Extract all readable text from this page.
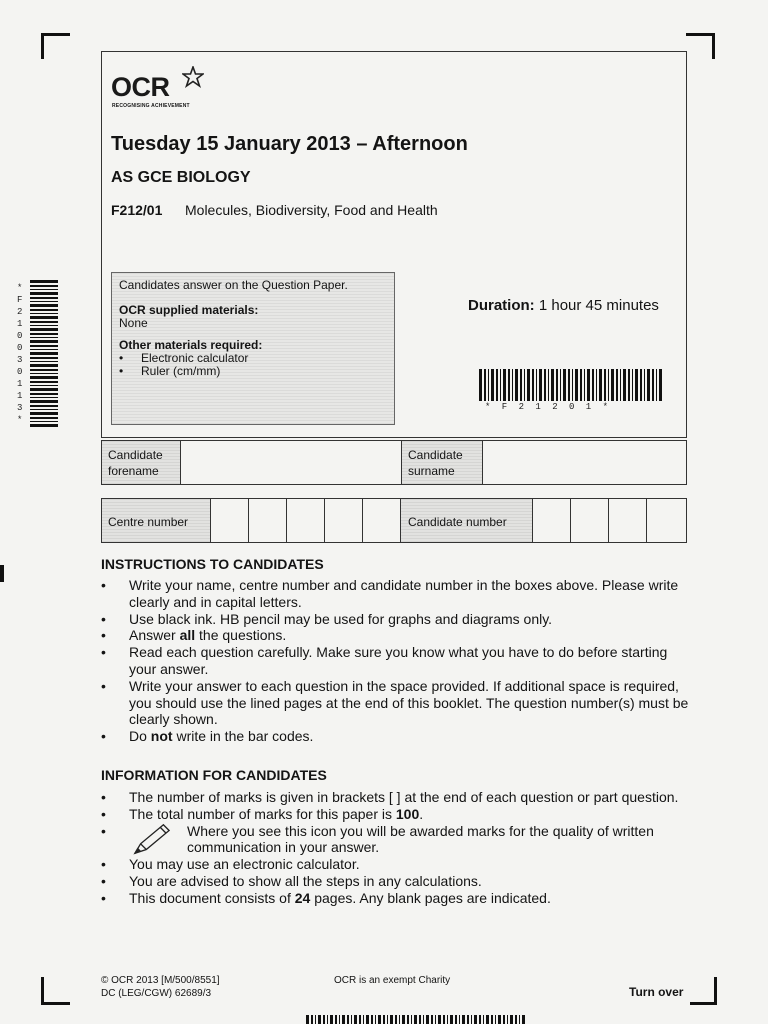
OCR
RECOGNISING ACHIEVEMENT
Tuesday 15 January 2013 – Afternoon
AS GCE BIOLOGY
F212/01 Molecules, Biodiversity, Food and Health
Candidates answer on the Question Paper.
OCR supplied materials:
None
Other materials required:
• Electronic calculator
• Ruler (cm/mm)
Duration: 1 hour 45 minutes
* F 2 1 2 0 1 *
*F210030113*
Candidate
forename
Candidate
surname
Centre number	Candidate number
INSTRUCTIONS TO CANDIDATES
• Write your name, centre number and candidate number in the boxes above. Please write clearly and in capital letters.
• Use black ink. HB pencil may be used for graphs and diagrams only.
• Answer all the questions.
• Read each question carefully. Make sure you know what you have to do before starting your answer.
• Write your answer to each question in the space provided. If additional space is required, you should use the lined pages at the end of this booklet. The question number(s) must be clearly shown.
• Do not write in the bar codes.
INFORMATION FOR CANDIDATES
• The number of marks is given in brackets [ ] at the end of each question or part question.
• The total number of marks for this paper is 100.
• Where you see this icon you will be awarded marks for the quality of written communication in your answer.
• You may use an electronic calculator.
• You are advised to show all the steps in any calculations.
• This document consists of 24 pages. Any blank pages are indicated.
© OCR 2013 [M/500/8551]
DC (LEG/CGW) 62689/3
OCR is an exempt Charity
Turn over
